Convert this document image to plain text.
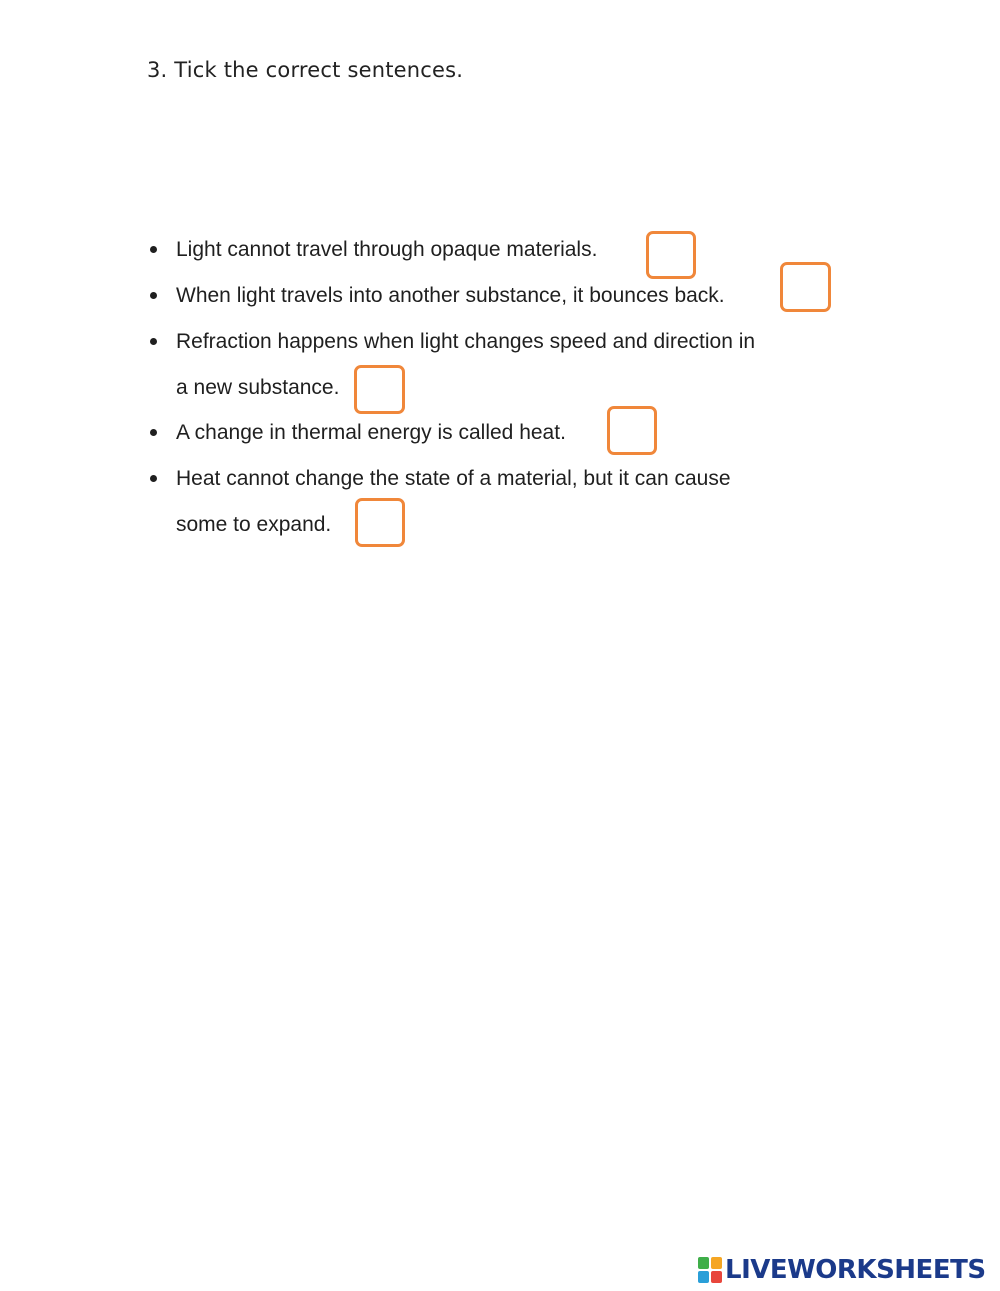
3. Tick the correct sentences.
Light cannot travel through opaque materials.
When light travels into another substance, it bounces back.
Refraction happens when light changes speed and direction in
a new substance.
A change in thermal energy is called heat.
Heat cannot change the state of a material, but it can cause
some to expand.
LIVEWORKSHEETS
